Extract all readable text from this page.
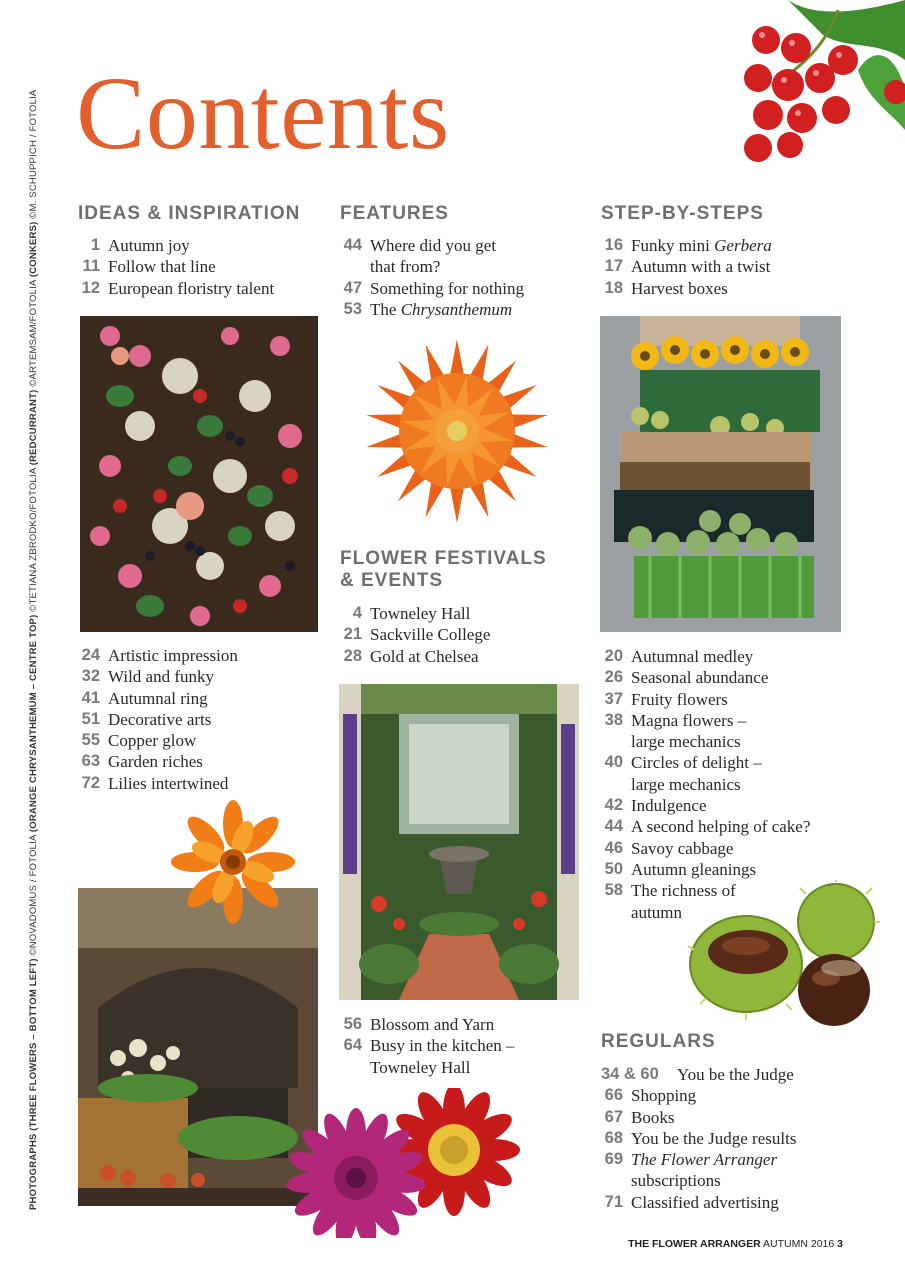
Contents
PHOTOGRAPHS (THREE FLOWERS – BOTTOM LEFT) ©NOVADOMUS / FOTOLIA (ORANGE CHRYSANTHEMUM – CENTRE TOP) ©TETIANA ZBRODKO/FOTOLIA (REDCURRANT) ©ARTEMSAM/FOTOLIA (CONKERS) ©M. SCHUPPICH / FOTOLIA IDEAS & INSPIRATION
1 Autumn joy
11 Follow that line
12 European floristry talent
24 Artistic impression
32 Wild and funky
41 Autumnal ring
51 Decorative arts
55 Copper glow
63 Garden riches
72 Lilies intertwined
FEATURES
44 Where did you get
that from?
47 Something for nothing
53 The Chrysanthemum
FLOWER FESTIVALS
& EVENTS
4 Towneley Hall
21 Sackville College
28 Gold at Chelsea
56 Blossom and Yarn
64 Busy in the kitchen –
Towneley Hall
STEP-BY-STEPS
16 Funky mini Gerbera
17 Autumn with a twist
18 Harvest boxes
20 Autumnal medley
26 Seasonal abundance
37 Fruity flowers
38 Magna flowers –
large mechanics
40 Circles of delight –
large mechanics
42 Indulgence
44 A second helping of cake?
46 Savoy cabbage
50 Autumn gleanings
58 The richness of
autumn
REGULARS
34 & 60 You be the Judge
66 Shopping
67 Books
68 You be the Judge results
69 The Flower Arranger
subscriptions
71 Classified advertising
THE FLOWER ARRANGER AUTUMN 2016 3
